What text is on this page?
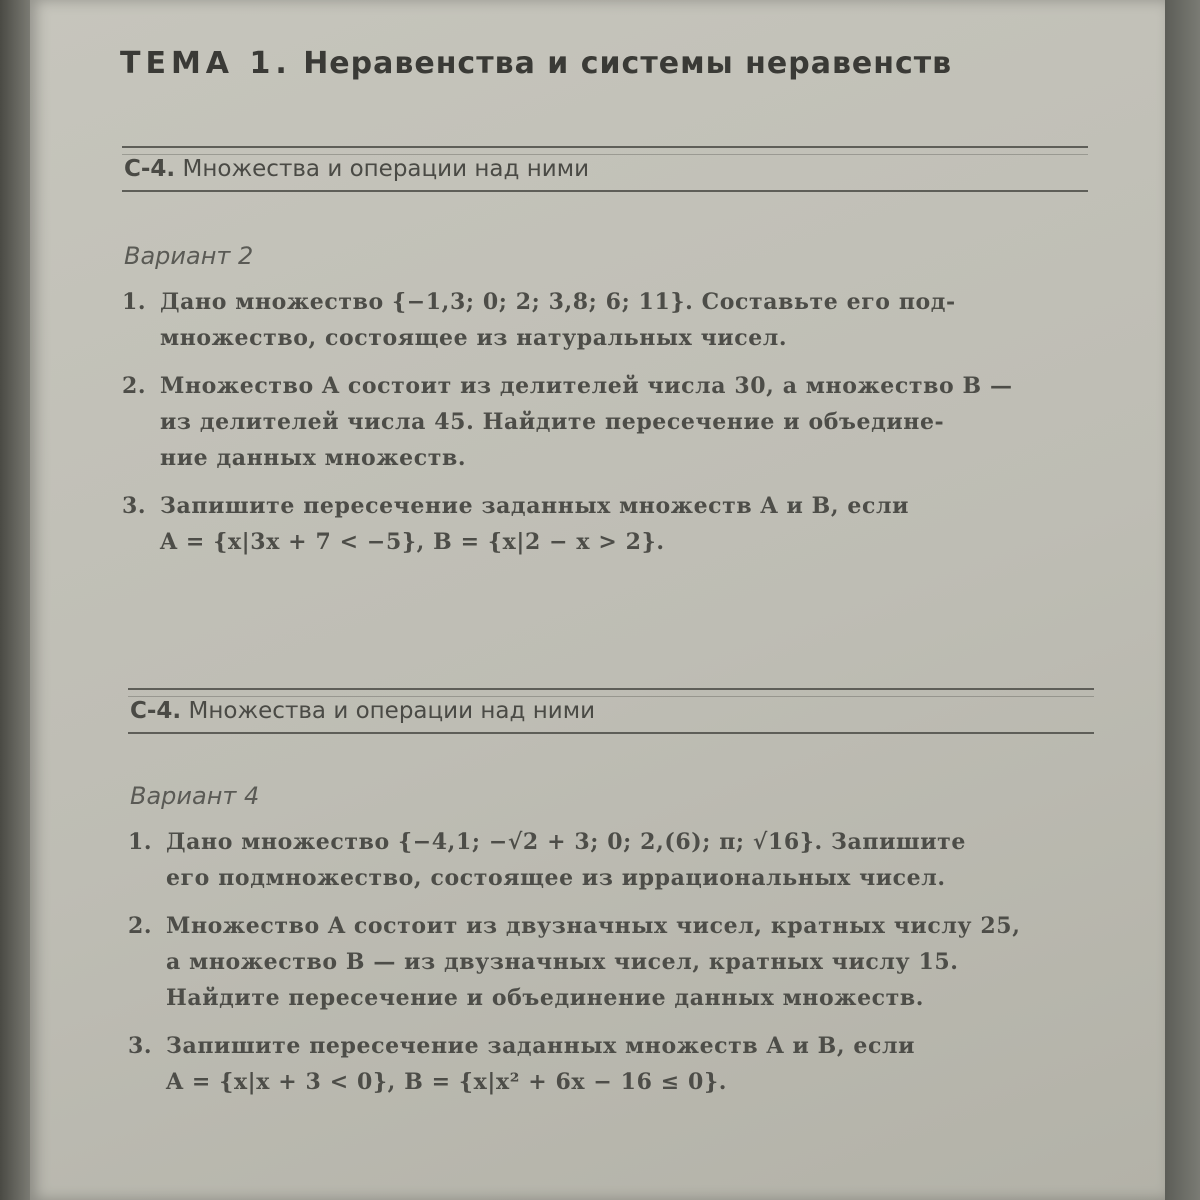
ТЕМА 1. Неравенства и системы неравенств
С-4. Множества и операции над ними
Вариант 2
1. Дано множество {−1,3; 0; 2; 3,8; 6; 11}. Составьте его под-
множество, состоящее из натуральных чисел.
2. Множество A состоит из делителей числа 30, а множество B —
из делителей числа 45. Найдите пересечение и объедине-
ние данных множеств.
3. Запишите пересечение заданных множеств A и B, если
A = {x|3x + 7 < −5}, B = {x|2 − x > 2}.
С-4. Множества и операции над ними
Вариант 4
1. Дано множество {−4,1; −√2 + 3; 0; 2,(6); π; √16}. Запишите
его подмножество, состоящее из иррациональных чисел.
2. Множество A состоит из двузначных чисел, кратных числу 25,
а множество B — из двузначных чисел, кратных числу 15.
Найдите пересечение и объединение данных множеств.
3. Запишите пересечение заданных множеств A и B, если
A = {x|x + 3 < 0}, B = {x|x² + 6x − 16 ≤ 0}.
